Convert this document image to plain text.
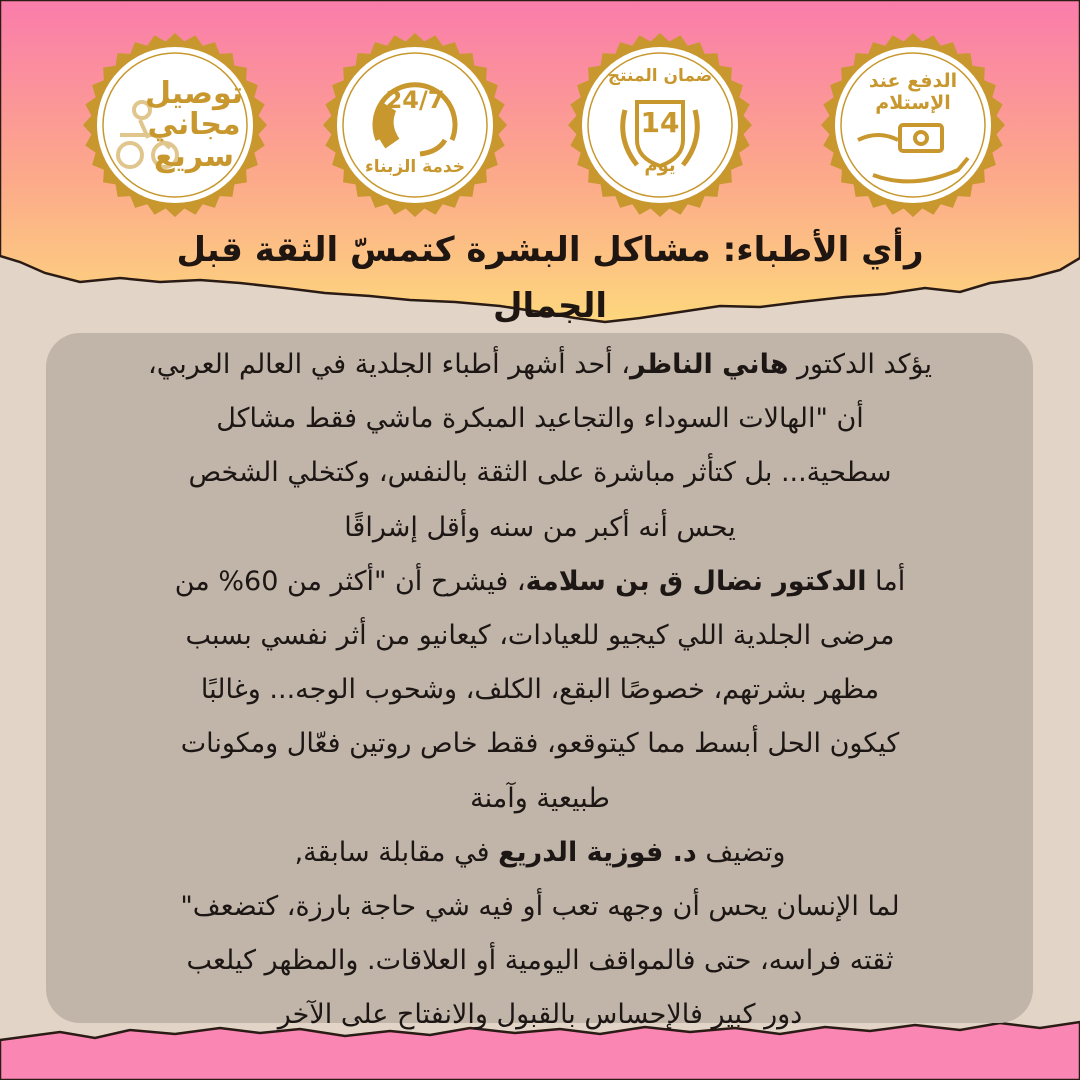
توصيل
مجاني
سريع
24/7
خدمة الزبناء
ضمان المنتج
14
يوم
الدفع عند
الإستلام
رأي الأطباء: مشاكل البشرة كتمسّ الثقة قبل الجمال
يؤكد الدكتور هاني الناظر، أحد أشهر أطباء الجلدية في العالم العربي،
أن "الهالات السوداء والتجاعيد المبكرة ماشي فقط مشاكل
سطحية... بل كتأثر مباشرة على الثقة بالنفس، وكتخلي الشخص
يحس أنه أكبر من سنه وأقل إشراقًا
أما الدكتور نضال ق بن سلامة، فيشرح أن "أكثر من 60% من
مرضى الجلدية اللي كيجيو للعيادات، كيعانيو من أثر نفسي بسبب
مظهر بشرتهم، خصوصًا البقع، الكلف، وشحوب الوجه... وغالبًا
كيكون الحل أبسط مما كيتوقعو، فقط خاص روتين فعّال ومكونات
طبيعية وآمنة
وتضيف د. فوزية الدريع في مقابلة سابقة,
لما الإنسان يحس أن وجهه تعب أو فيه شي حاجة بارزة، كتضعف"
ثقته فراسه، حتى فالمواقف اليومية أو العلاقات. والمظهر كيلعب
دور كبير فالإحساس بالقبول والانفتاح على الآخر
